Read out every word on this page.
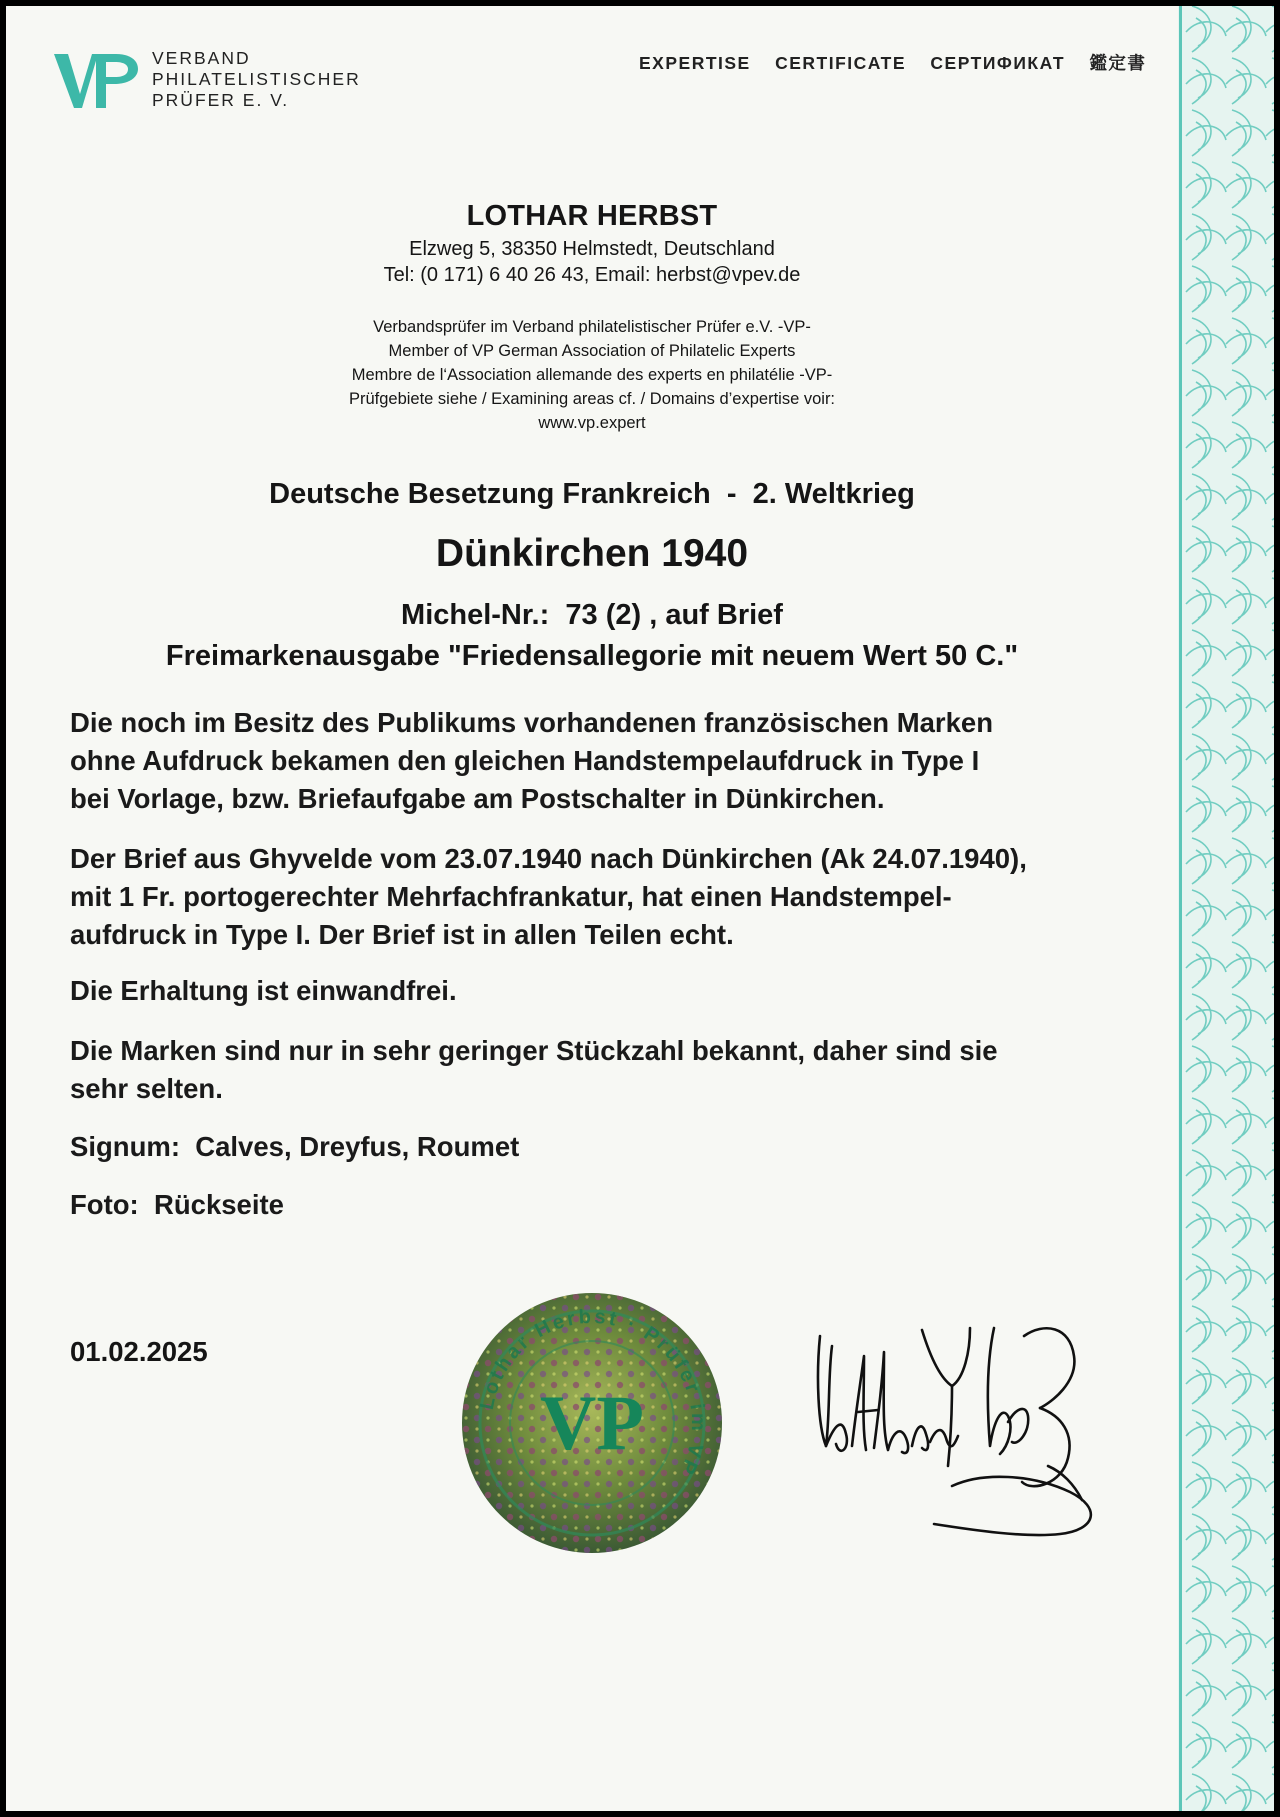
VERBAND
PHILATELISTISCHER
PRÜFER E. V.
EXPERTISE CERTIFICATE СЕРТИФИКАТ 鑑定書
LOTHAR HERBST
Elzweg 5, 38350 Helmstedt, Deutschland
Tel: (0 171) 6 40 26 43, Email: herbst@vpev.de
Verbandsprüfer im Verband philatelistischer Prüfer e.V. -VP-
Member of VP German Association of Philatelic Experts
Membre de l‘Association allemande des experts en philatélie -VP-
Prüfgebiete siehe / Examining areas cf. / Domains d’expertise voir:
www.vp.expert
Deutsche Besetzung Frankreich  -  2. Weltkrieg
Dünkirchen 1940
Michel-Nr.:  73 (2) , auf Brief
Freimarkenausgabe "Friedensallegorie mit neuem Wert 50 C."
Die noch im Besitz des Publikums vorhandenen französischen Marken
ohne Aufdruck bekamen den gleichen Handstempelaufdruck in Type I
bei Vorlage, bzw. Briefaufgabe am Postschalter in Dünkirchen.
Der Brief aus Ghyvelde vom 23.07.1940 nach Dünkirchen (Ak 24.07.1940),
mit 1 Fr. portogerechter Mehrfachfrankatur, hat einen Handstempel-
aufdruck in Type I. Der Brief ist in allen Teilen echt.
Die Erhaltung ist einwandfrei.
Die Marken sind nur in sehr geringer Stückzahl bekannt, daher sind sie
sehr selten.
Signum:  Calves, Dreyfus, Roumet
Foto:  Rückseite
01.02.2025
Lothar Herbst · Prüfer im VP
VP
